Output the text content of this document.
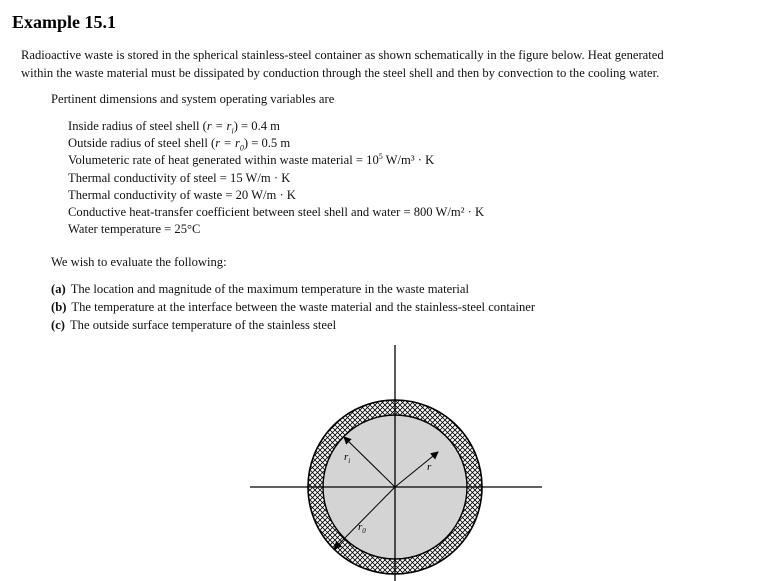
Example 15.1
Radioactive waste is stored in the spherical stainless-steel container as shown schematically in the figure below. Heat generated
within the waste material must be dissipated by conduction through the steel shell and then by convection to the cooling water.
Pertinent dimensions and system operating variables are
Inside radius of steel shell $(r = r_i) = 0.4$ m
Outside radius of steel shell $(r = r_0) = 0.5$ m
Volumeteric rate of heat generated within waste material = $10^5$ W/m³ · K
Thermal conductivity of steel = 15 W/m · K
Thermal conductivity of waste = 20 W/m · K
Conductive heat-transfer coefficient between steel shell and water = 800 W/m² · K
Water temperature = 25°C
We wish to evaluate the following:
(a) The location and magnitude of the maximum temperature in the waste material
(b) The temperature at the interface between the waste material and the stainless-steel container
(c) The outside surface temperature of the stainless steel
$r_i$	r
$r_0$
